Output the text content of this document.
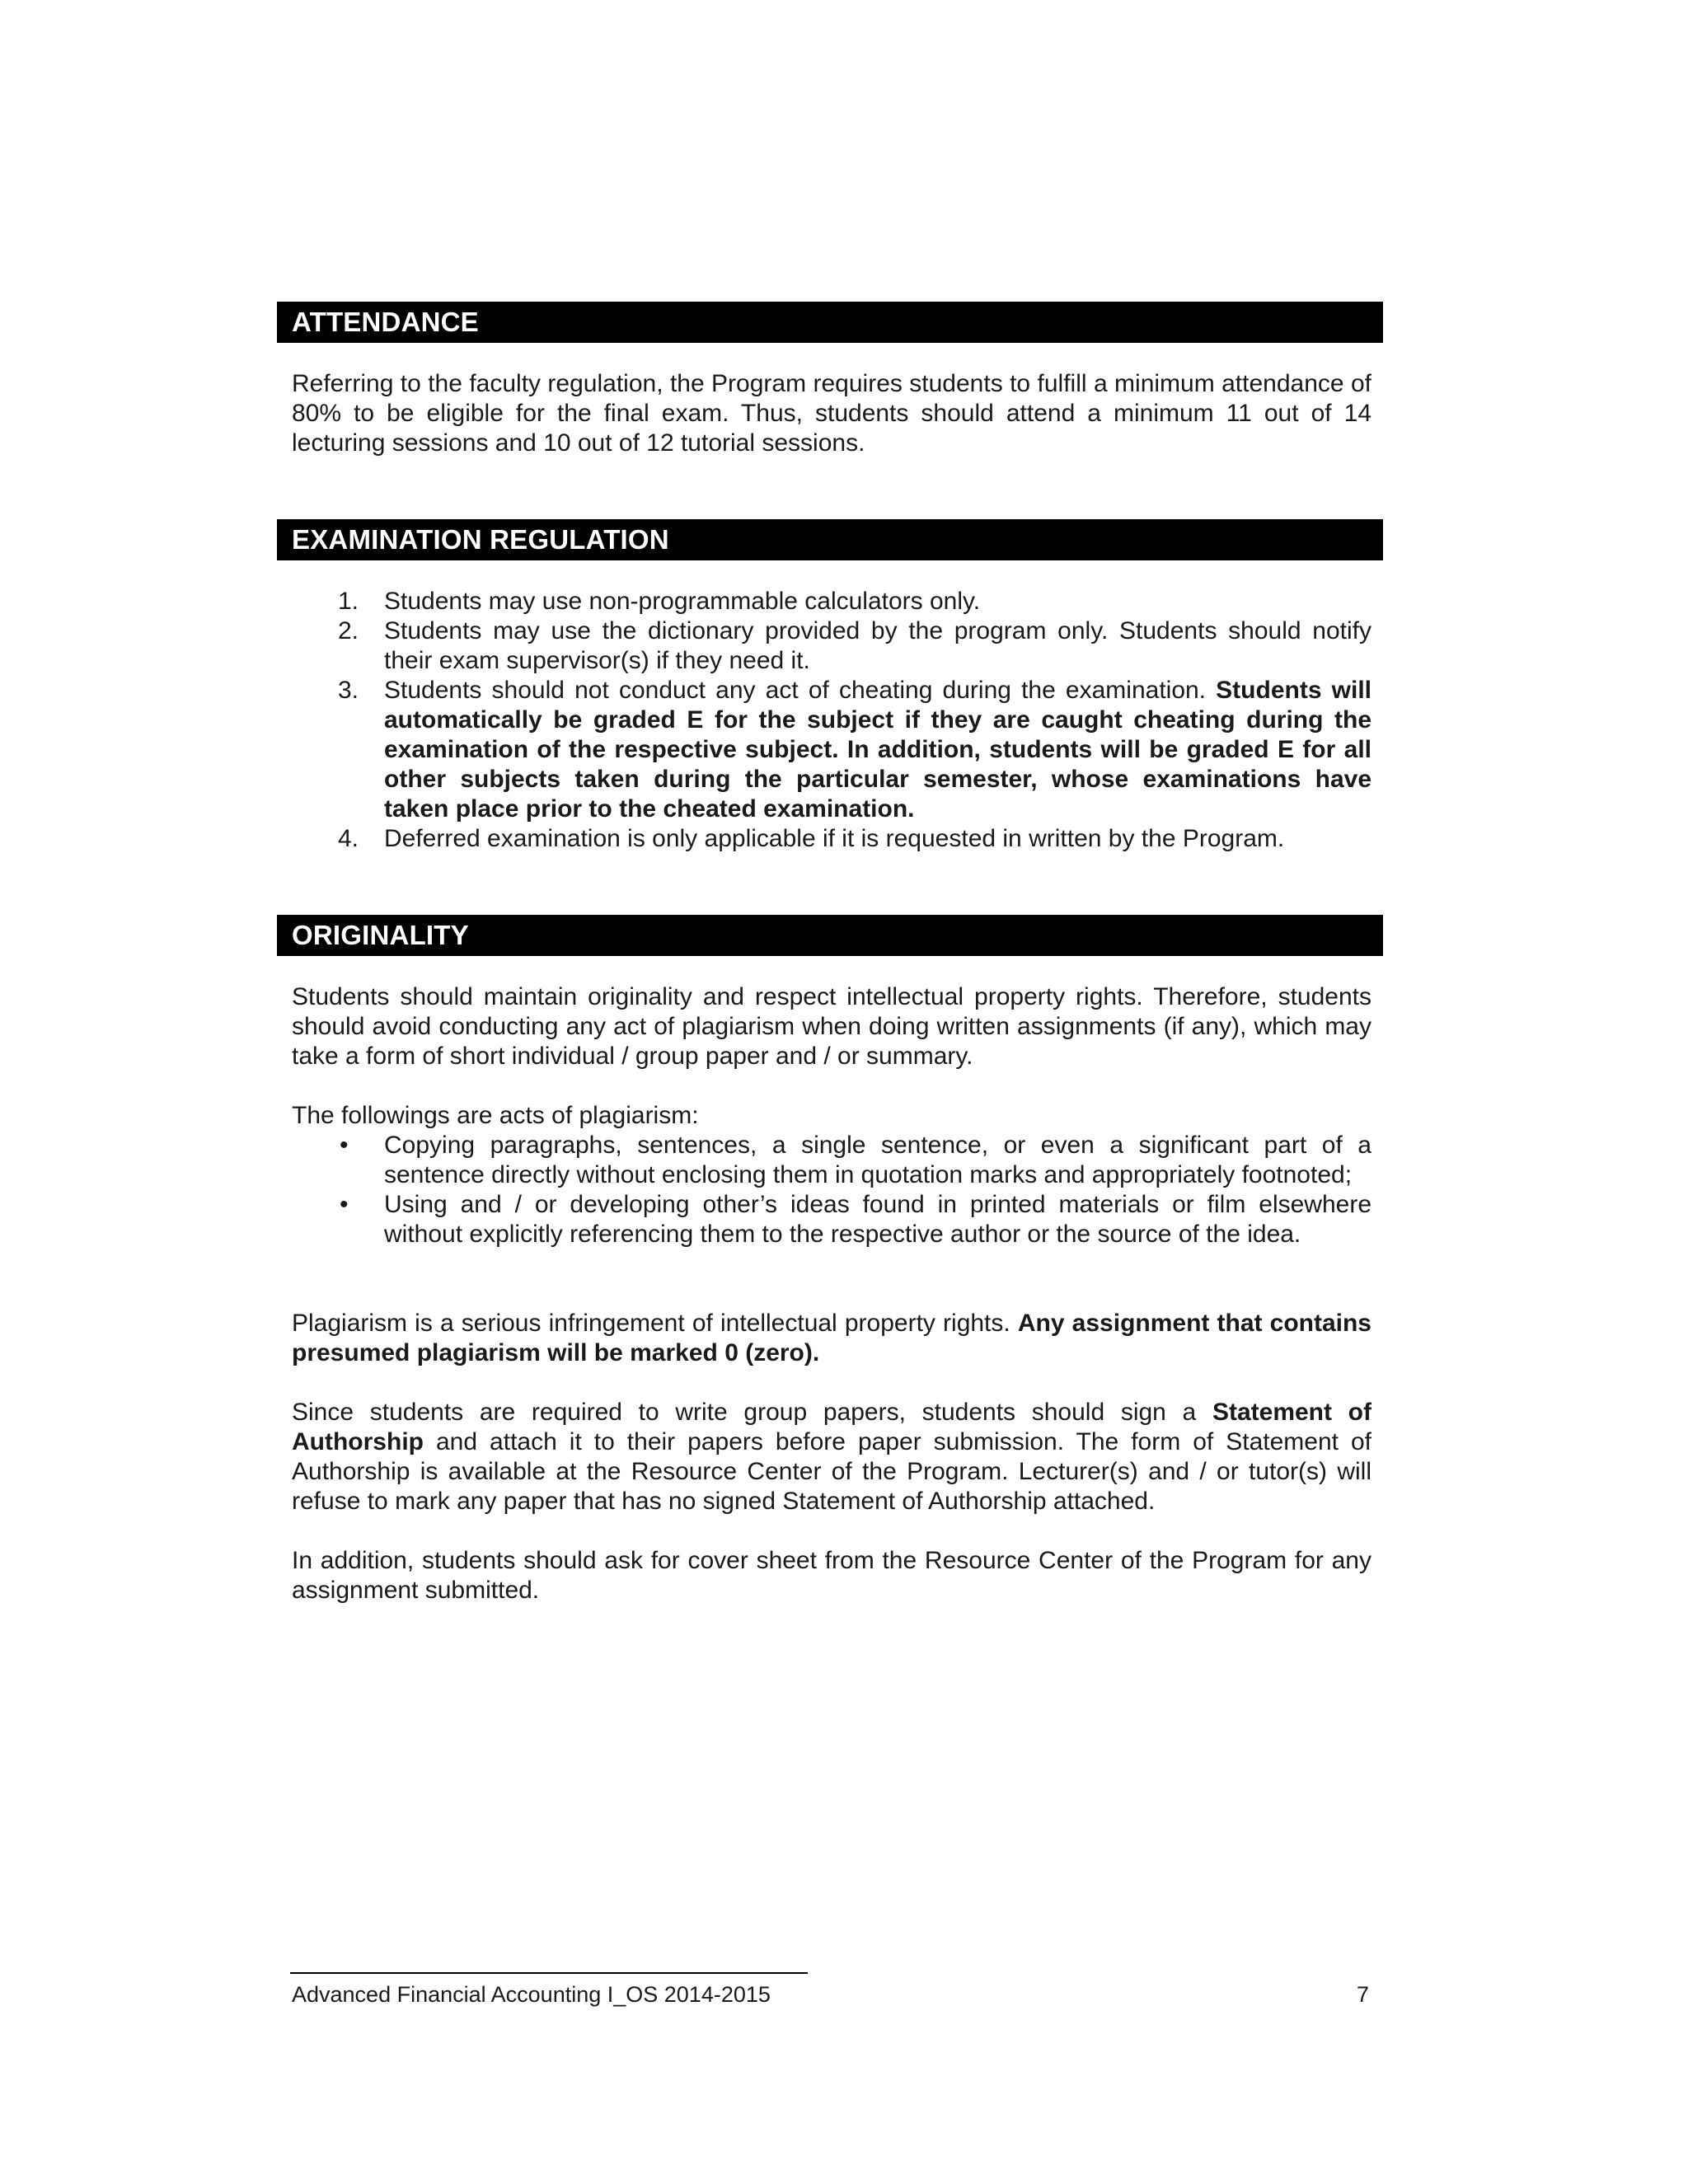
ATTENDANCE

Referring to the faculty regulation, the Program requires students to fulfill a minimum attendance of 80% to be eligible for the final exam. Thus, students should attend a minimum 11 out of 14 lecturing sessions and 10 out of 12 tutorial sessions.

EXAMINATION REGULATION
1. Students may use non-programmable calculators only.
2. Students may use the dictionary provided by the program only. Students should notify their exam supervisor(s) if they need it.
3. Students should not conduct any act of cheating during the examination. Students will automatically be graded E for the subject if they are caught cheating during the examination of the respective subject. In addition, students will be graded E for all other subjects taken during the particular semester, whose examinations have taken place prior to the cheated examination.
4. Deferred examination is only applicable if it is requested in written by the Program.
ORIGINALITY

Students should maintain originality and respect intellectual property rights. Therefore, students should avoid conducting any act of plagiarism when doing written assignments (if any), which may take a form of short individual / group paper and / or summary.

The followings are acts of plagiarism:

• Copying paragraphs, sentences, a single sentence, or even a significant part of a sentence directly without enclosing them in quotation marks and appropriately footnoted;
• Using and / or developing other’s ideas found in printed materials or film elsewhere without explicitly referencing them to the respective author or the source of the idea.

Plagiarism is a serious infringement of intellectual property rights. Any assignment that contains presumed plagiarism will be marked 0 (zero).

Since students are required to write group papers, students should sign a Statement of Authorship and attach it to their papers before paper submission. The form of Statement of Authorship is available at the Resource Center of the Program. Lecturer(s) and / or tutor(s) will refuse to mark any paper that has no signed Statement of Authorship attached.

In addition, students should ask for cover sheet from the Resource Center of the Program for any assignment submitted.

Advanced Financial Accounting I_OS 2014-2015	7
